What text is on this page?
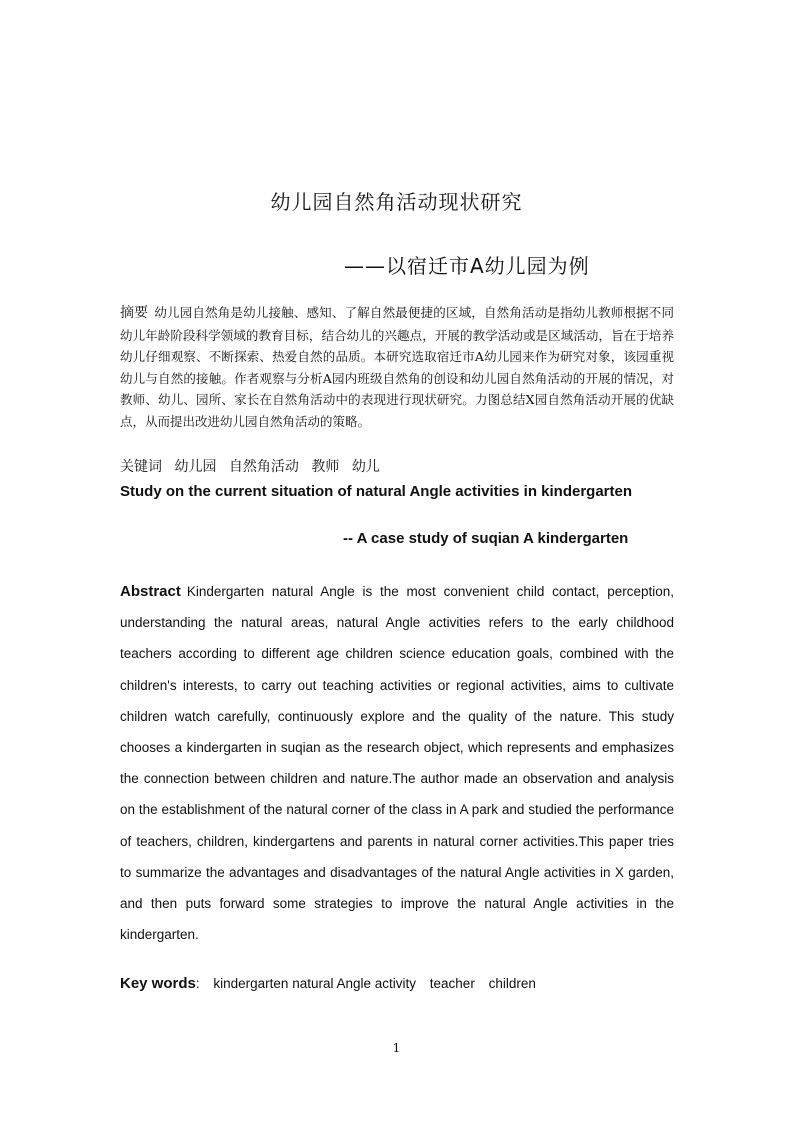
幼儿园自然角活动现状研究
——以宿迁市A幼儿园为例
摘要 幼儿园自然角是幼儿接触、感知、了解自然最便捷的区域，自然角活动是指幼儿教师根据不同幼儿年龄阶段科学领域的教育目标，结合幼儿的兴趣点，开展的教学活动或是区域活动，旨在于培养幼儿仔细观察、不断探索、热爱自然的品质。本研究选取宿迁市A幼儿园来作为研究对象，该园重视幼儿与自然的接触。作者观察与分析A园内班级自然角的创设和幼儿园自然角活动的开展的情况，对教师、幼儿、园所、家长在自然角活动中的表现进行现状研究。力图总结X园自然角活动开展的优缺点，从而提出改进幼儿园自然角活动的策略。
关键词 幼儿园 自然角活动 教师 幼儿
Study on the current situation of natural Angle activities in kindergarten
-- A case study of suqian A kindergarten
Abstract Kindergarten natural Angle is the most convenient child contact, perception, understanding the natural areas, natural Angle activities refers to the early childhood teachers according to different age children science education goals, combined with the children's interests, to carry out teaching activities or regional activities, aims to cultivate children watch carefully, continuously explore and the quality of the nature. This study chooses a kindergarten in suqian as the research object, which represents and emphasizes the connection between children and nature.The author made an observation and analysis on the establishment of the natural corner of the class in A park and studied the performance of teachers, children, kindergartens and parents in natural corner activities.This paper tries to summarize the advantages and disadvantages of the natural Angle activities in X garden, and then puts forward some strategies to improve the natural Angle activities in the kindergarten.
Key words: kindergarten natural Angle activity teacher children
1
